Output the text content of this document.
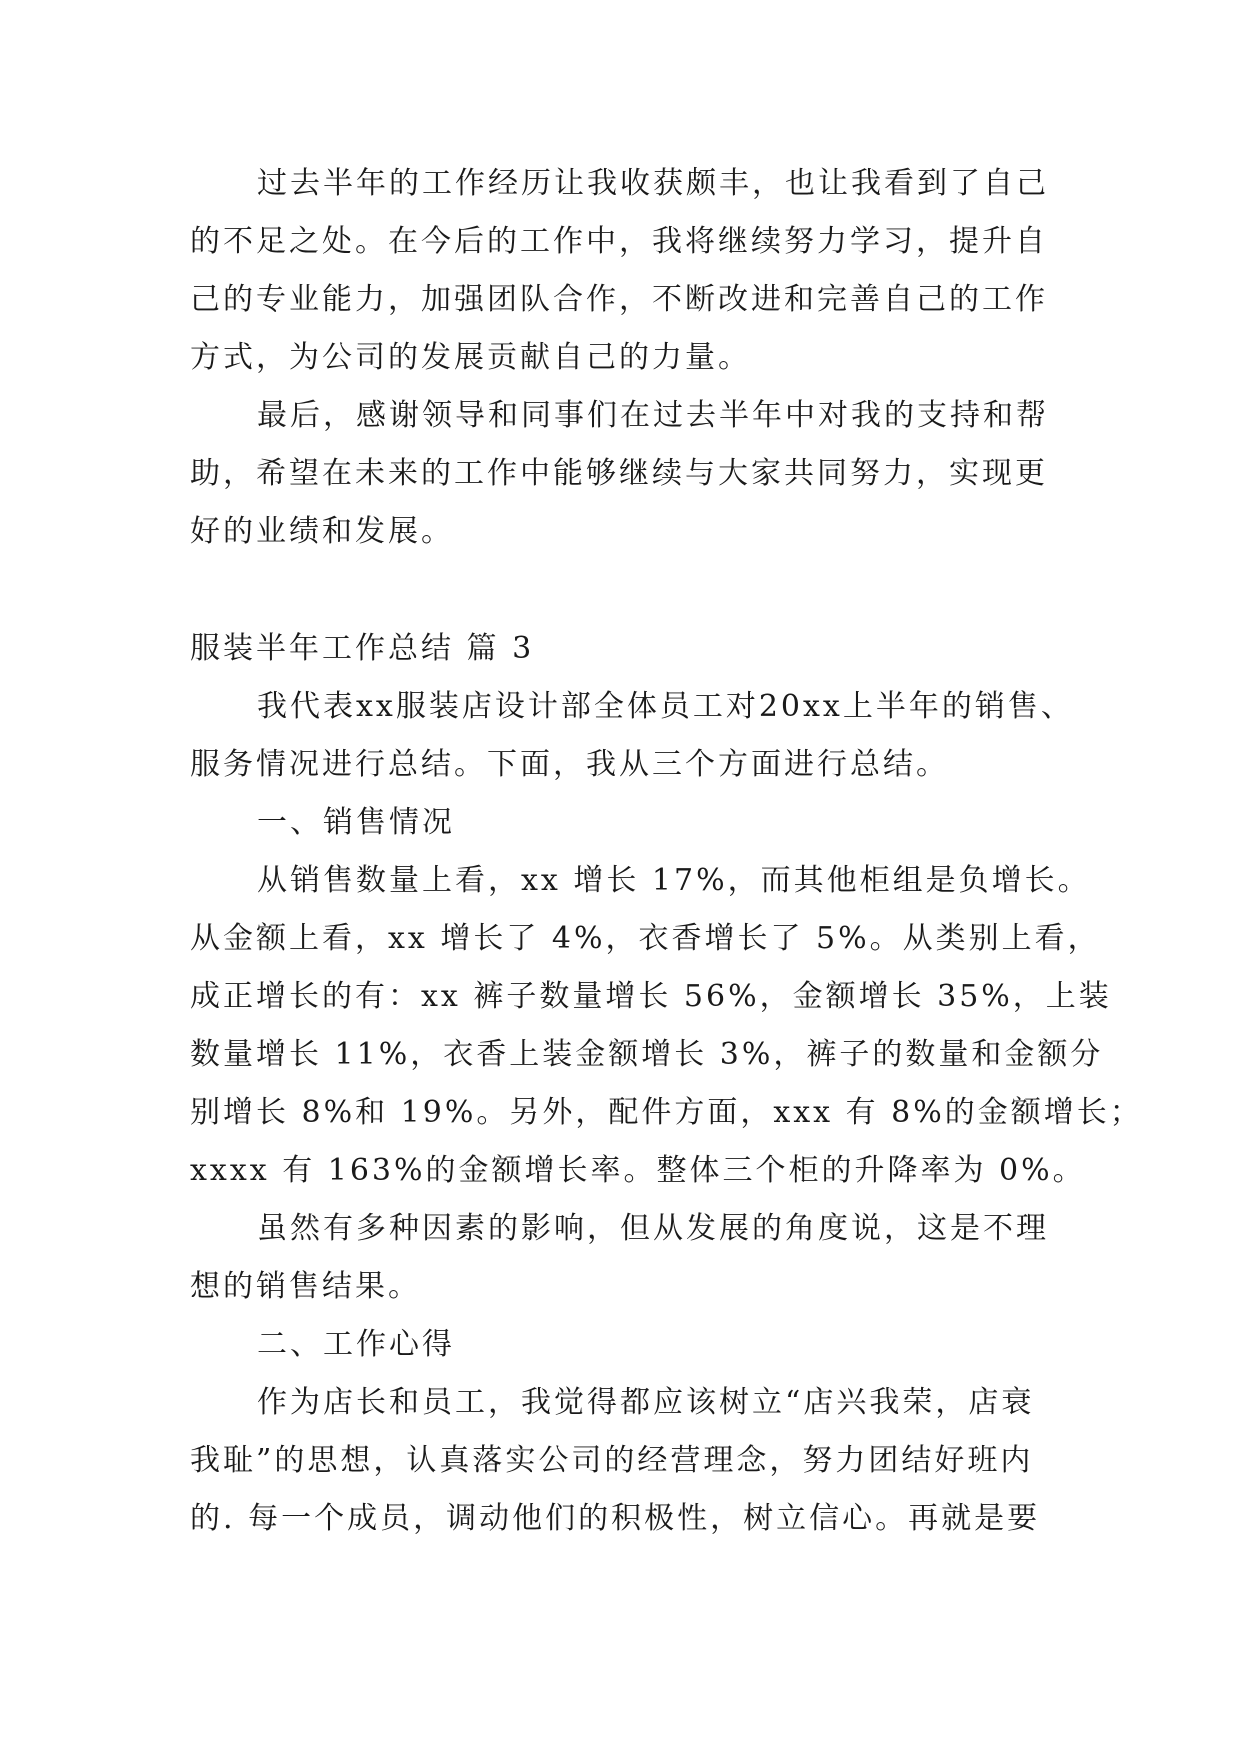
过去半年的工作经历让我收获颇丰，也让我看到了自己
的不足之处。在今后的工作中，我将继续努力学习，提升自
己的专业能力，加强团队合作，不断改进和完善自己的工作
方式，为公司的发展贡献自己的力量。
最后，感谢领导和同事们在过去半年中对我的支持和帮
助，希望在未来的工作中能够继续与大家共同努力，实现更
好的业绩和发展。
服装半年工作总结 篇 3
我代表xx服装店设计部全体员工对20xx上半年的销售、
服务情况进行总结。下面，我从三个方面进行总结。
一、销售情况
从销售数量上看，xx 增长 17%，而其他柜组是负增长。
从金额上看，xx 增长了 4%，衣香增长了 5%。从类别上看，
成正增长的有：xx 裤子数量增长 56%，金额增长 35%，上装
数量增长 11%，衣香上装金额增长 3%，裤子的数量和金额分
别增长 8%和 19%。另外，配件方面，xxx 有 8%的金额增长；
xxxx 有 163%的金额增长率。整体三个柜的升降率为 0%。
虽然有多种因素的影响，但从发展的角度说，这是不理
想的销售结果。
二、工作心得
作为店长和员工，我觉得都应该树立“店兴我荣，店衰
我耻”的思想，认真落实公司的经营理念，努力团结好班内
的. 每一个成员，调动他们的积极性，树立信心。再就是要
